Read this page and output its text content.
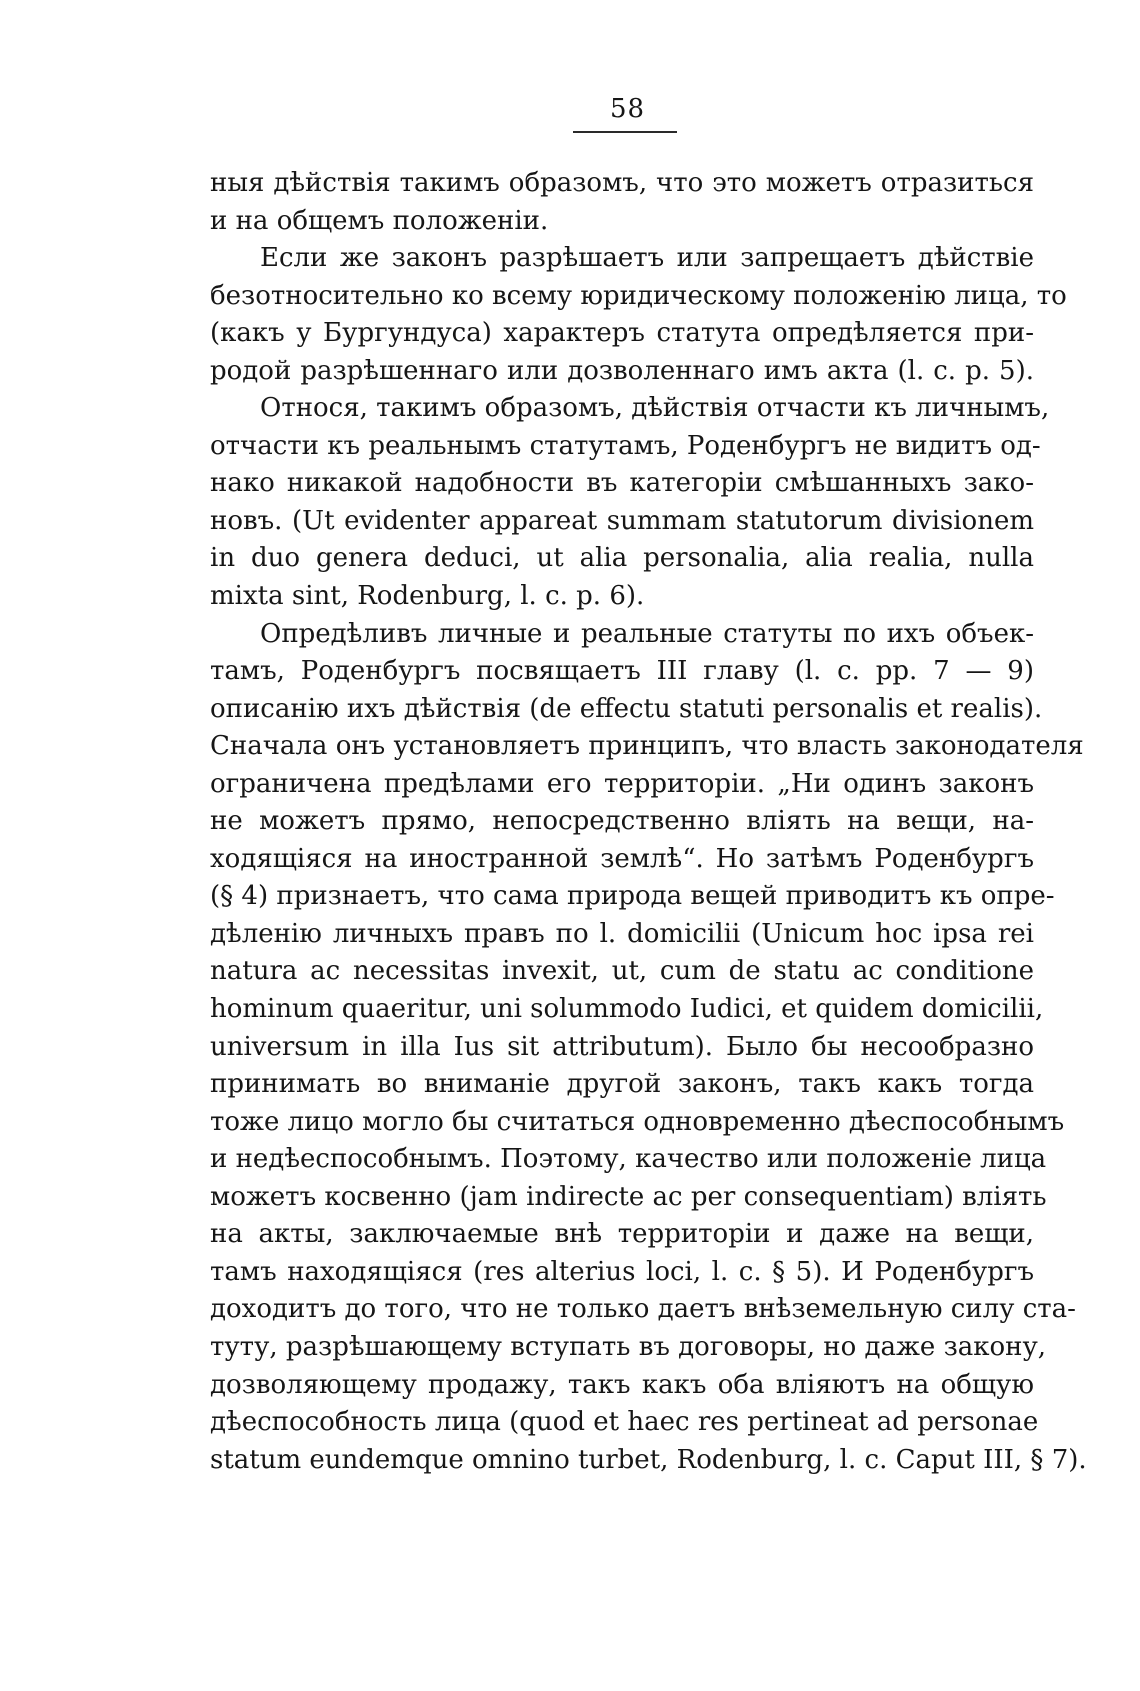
58
ныя дѣйствія такимъ образомъ, что это можетъ отразиться
и на общемъ положеніи.
Если же законъ разрѣшаетъ или запрещаетъ дѣйствіе
безотносительно ко всему юридическому положенію лица, то
(какъ у Бургундуса) характеръ статута опредѣляется при-
родой разрѣшеннаго или дозволеннаго имъ акта (l. c. p. 5).
Относя, такимъ образомъ, дѣйствія отчасти къ личнымъ,
отчасти къ реальнымъ статутамъ, Роденбургъ не видитъ од-
нако никакой надобности въ категоріи смѣшанныхъ зако-
новъ. (Ut evidenter appareat summam statutorum divisionem
in duo genera deduci, ut alia personalia, alia realia, nulla
mixta sint, Rodenburg, l. c. p. 6).
Опредѣливъ личные и реальные статуты по ихъ объек-
тамъ, Роденбургъ посвящаетъ III главу (l. c. pp. 7 — 9)
описанію ихъ дѣйствія (de effectu statuti personalis et realis).
Сначала онъ установляетъ принципъ, что власть законодателя
ограничена предѣлами его территоріи. „Ни одинъ законъ
не можетъ прямо, непосредственно влiять на вещи, на-
ходящіяся на иностранной землѣ“. Но затѣмъ Роденбургъ
(§ 4) признаетъ, что сама природа вещей приводитъ къ опре-
дѣленію личныхъ правъ по l. domicilii (Unicum hoc ipsa rei
natura ac necessitas invexit, ut, cum de statu ac conditione
hominum quaeritur, uni solummodo Iudici, et quidem domicilii,
universum in illa Ius sit attributum). Было бы несообразно
принимать во вниманіе другой законъ, такъ какъ тогда
тоже лицо могло бы считаться одновременно дѣеспособнымъ
и недѣеспособнымъ. Поэтому, качество или положеніе лица
можетъ косвенно (jam indirecte ac per consequentiam) влiять
на акты, заключаемые внѣ территоріи и даже на вещи,
тамъ находящіяся (res alterius loci, l. c. § 5). И Роденбургъ
доходитъ до того, что не только даетъ внѣземельную силу ста-
туту, разрѣшающему вступать въ договоры, но даже закону,
дозволяющему продажу, такъ какъ оба влiяютъ на общую
дѣеспособность лица (quod et haec res pertineat ad personae
statum eundemque omnino turbet, Rodenburg, l. c. Caput III, § 7).
